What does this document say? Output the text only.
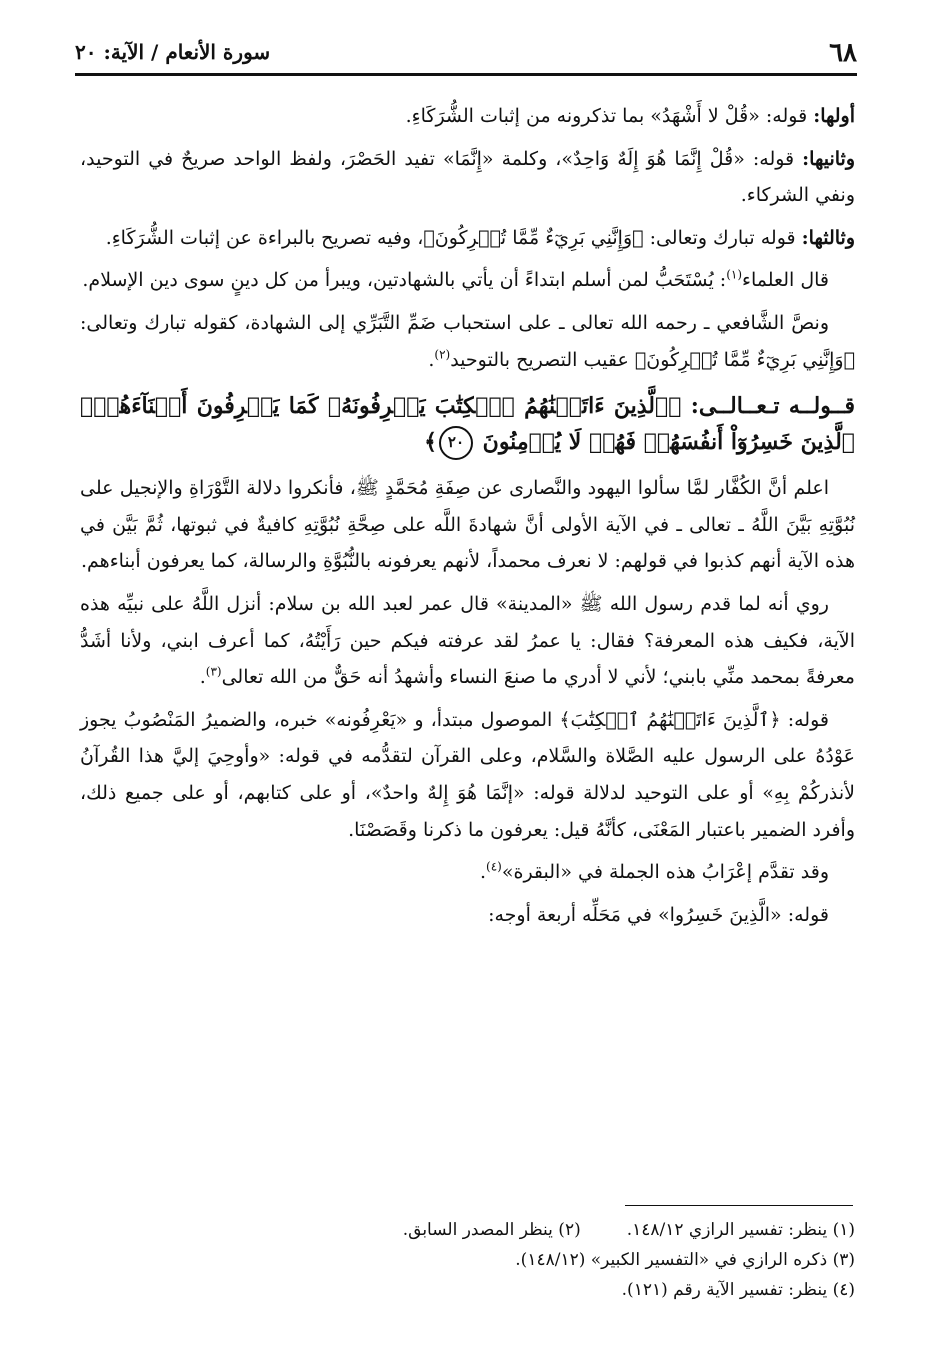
٦٨
سورة الأنعام / الآية: ٢٠

أولها: قوله: «قُلْ لا أَشْهَدُ» بما تذكرونه من إثبات الشُّرَكَاءِ.

وثانيها: قوله: «قُلْ إِنَّمَا هُوَ إِلَهٌ وَاحِدٌ»، وكلمة «إِنَّمَا» تفيد الحَصْرَ، ولفظ الواحد صريحٌ في التوحيد، ونفي الشركاء.

وثالثها: قوله تبارك وتعالى: ﴿وَإِنَّنِي بَرِيٓءٌ مِّمَّا تُشۡرِكُونَ﴾، وفيه تصريح بالبراءة عن إثبات الشُّرَكَاءِ.

قال العلماء$^{(١)}$: يُسْتَحَبُّ لمن أسلم ابتداءً أن يأتي بالشهادتين، ويبرأ من كل دينٍ سوى دين الإسلام.

ونصَّ الشَّافعي ـ رحمه الله تعالى ـ على استحباب ضَمِّ التَّبَرِّي إلى الشهادة، كقوله تبارك وتعالى: ﴿وَإِنَّنِي بَرِيٓءٌ مِّمَّا تُشۡرِكُونَ﴾ عقيب التصريح بالتوحيد$^{(٢)}$.

قــولــه تـعــالــى: ﴿ٱلَّذِينَ ءَاتَيۡنَٰهُمُ ٱلۡكِتَٰبَ يَعۡرِفُونَهُۥ كَمَا يَعۡرِفُونَ أَبۡنَآءَهُمُۘ ٱلَّذِينَ خَسِرُوٓاْ أَنفُسَهُمۡ فَهُمۡ لَا يُؤۡمِنُونَ ٢٠﴾

اعلم أنَّ الكُفَّار لمَّا سألوا اليهود والنَّصارى عن صِفَةِ مُحَمَّدٍ ﷺ، فأنكروا دلالة التَّوْرَاةِ والإنجيل على نُبُوَّتِهِ بَيَّنَ اللَّهُ ـ تعالى ـ في الآية الأولى أنَّ شهادةَ اللَّه على صِحَّةِ نُبُوَّتِهِ كافيةٌ في ثبوتها، ثُمَّ بَيَّن في هذه الآية أنهم كذبوا في قولهم: لا نعرف محمداً، لأنهم يعرفونه بالنُّبُوَّةِ والرسالة، كما يعرفون أبناءهم.

روي أنه لما قدم رسول الله ﷺ «المدينة» قال عمر لعبد الله بن سلام: أنزل اللَّهُ على نبيِّه هذه الآية، فكيف هذه المعرفة؟ فقال: يا عمرُ لقد عرفته فيكم حين رَأَيْتُهُ، كما أعرف ابني، ولأنا أشَدُّ معرفةً بمحمد منِّي بابني؛ لأني لا أدري ما صنعَ النساء وأشهدُ أنه حَقٌّ من الله تعالى$^{(٣)}$.

قوله: ﴿ٱلَّذِينَ ءَاتَيۡنَٰهُمُ ٱلۡكِتَٰبَ﴾ الموصول مبتدأ، و «يَعْرِفُونه» خبره، والضميرُ المَنْصُوبُ يجوز عَوْدُهُ على الرسول عليه الصَّلاة والسَّلام، وعلى القرآن لتقدُّمه في قوله: «وأوحِيَ إليَّ هذا القُرآنُ لأنذركُمْ بِهِ» أو على التوحيد لدلالة قوله: «إنَّمَا هُوَ إِلهٌ واحدٌ»، أو على كتابهم، أو على جميع ذلك، وأفرد الضمير باعتبار المَعْنَى، كأنَّهُ قيل: يعرفون ما ذكرنا وقَصَصْنَا.

وقد تقدَّم إعْرَابُ هذه الجملة في «البقرة»$^{(٤)}$.

قوله: «الَّذِينَ خَسِرُوا» في مَحَلِّه أربعة أوجه:

(١) ينظر: تفسير الرازي ١٤٨/١٢.
(٢) ينظر المصدر السابق.
(٣) ذكره الرازي في «التفسير الكبير» (١٤٨/١٢).
(٤) ينظر: تفسير الآية رقم (١٢١).
